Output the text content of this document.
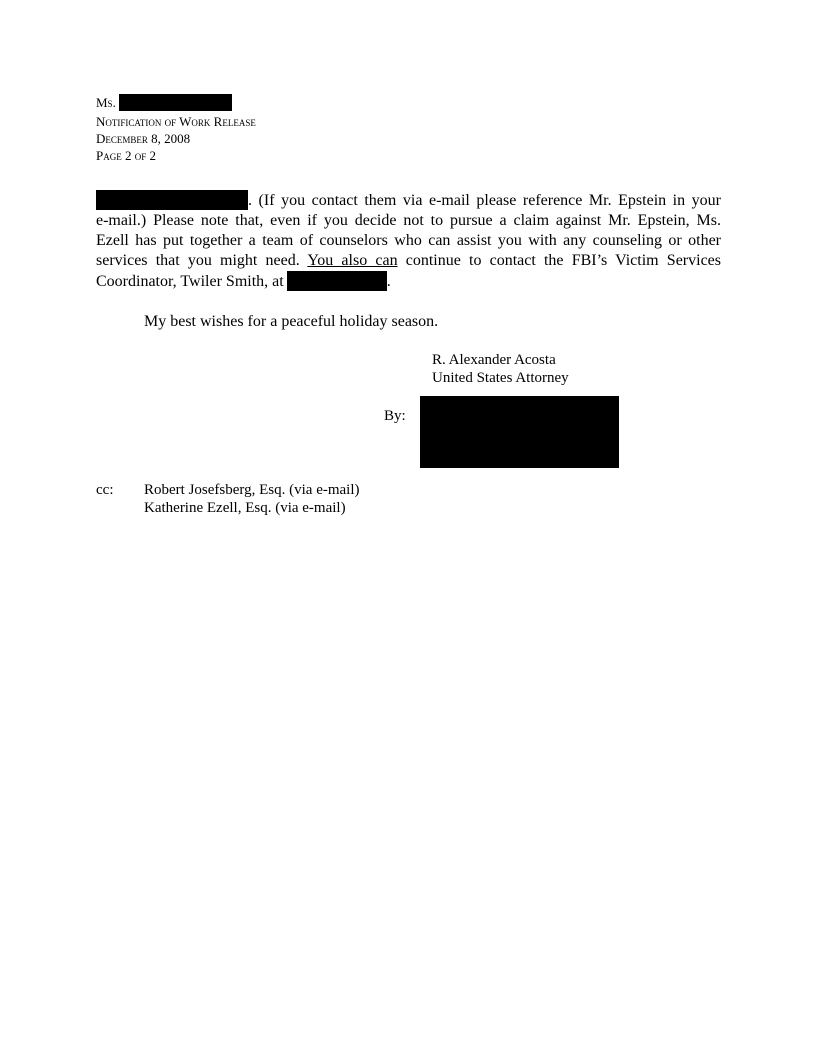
Ms.
Notification of Work Release
December 8, 2008
Page 2 of 2
. (If you contact them via e-mail please reference Mr. Epstein in your
e-mail.) Please note that, even if you decide not to pursue a claim against Mr. Epstein, Ms.
Ezell has put together a team of counselors who can assist you with any counseling or other
services that you might need. You also can continue to contact the FBI’s Victim Services
Coordinator, Twiler Smith, at	.
My best wishes for a peaceful holiday season.
R. Alexander Acosta
United States Attorney
By:
cc: Robert Josefsberg, Esq. (via e-mail)
Katherine Ezell, Esq. (via e-mail)
